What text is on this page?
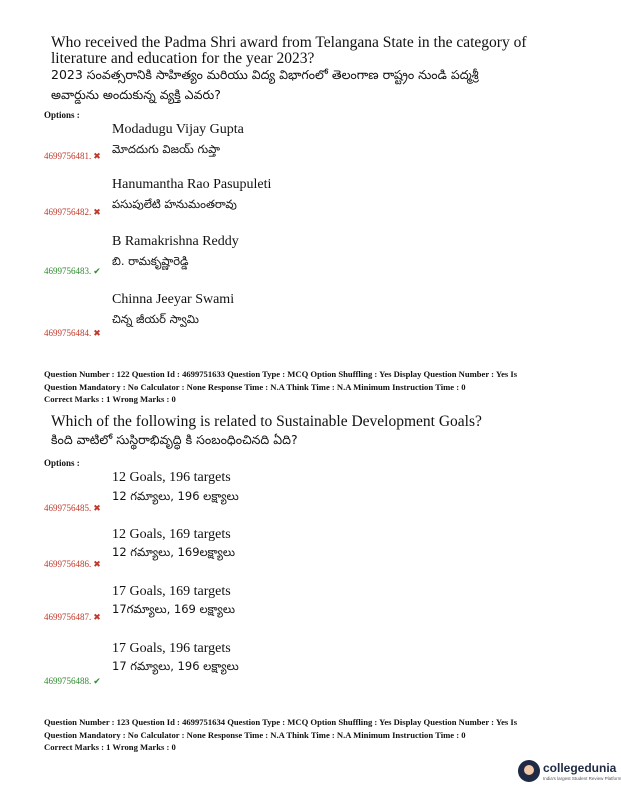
Who received the Padma Shri award from Telangana State in the category of
literature and education for the year 2023?
2023 సంవత్సరానికి సాహిత్యం మరియు విద్య విభాగంలో తెలంగాణ రాష్ట్రం నుండి పద్మశ్రీ
అవార్డును అందుకున్న వ్యక్తి ఎవరు?
Options :
Modadugu Vijay Gupta
మోదదుగు విజయ్ గుప్తా
4699756481. ✖
Hanumantha Rao Pasupuleti
పసుపులేటి హనుమంతరావు
4699756482. ✖
B Ramakrishna Reddy
బి. రామకృష్ణారెడ్డి
4699756483. ✔
Chinna Jeeyar Swami
చిన్న జీయర్ స్వామి
4699756484. ✖
Question Number : 122 Question Id : 4699751633 Question Type : MCQ Option Shuffling : Yes Display Question Number : Yes Is
Question Mandatory : No Calculator : None Response Time : N.A Think Time : N.A Minimum Instruction Time : 0
Correct Marks : 1 Wrong Marks : 0
Which of the following is related to Sustainable Development Goals?
కింది వాటిలో సుస్థిరాభివృద్ధి కి సంబంధించినది ఏది?
Options :
12 Goals, 196 targets
12 గమ్యాలు, 196 లక్ష్యాలు
4699756485. ✖
12 Goals, 169 targets
12 గమ్యాలు, 169లక్ష్యాలు
4699756486. ✖
17 Goals, 169 targets
17గమ్యాలు, 169 లక్ష్యాలు
4699756487. ✖
17 Goals, 196 targets
17 గమ్యాలు, 196 లక్ష్యాలు
4699756488. ✔
Question Number : 123 Question Id : 4699751634 Question Type : MCQ Option Shuffling : Yes Display Question Number : Yes Is
Question Mandatory : No Calculator : None Response Time : N.A Think Time : N.A Minimum Instruction Time : 0
Correct Marks : 1 Wrong Marks : 0
collegedunia
India's largest Student Review Platform
